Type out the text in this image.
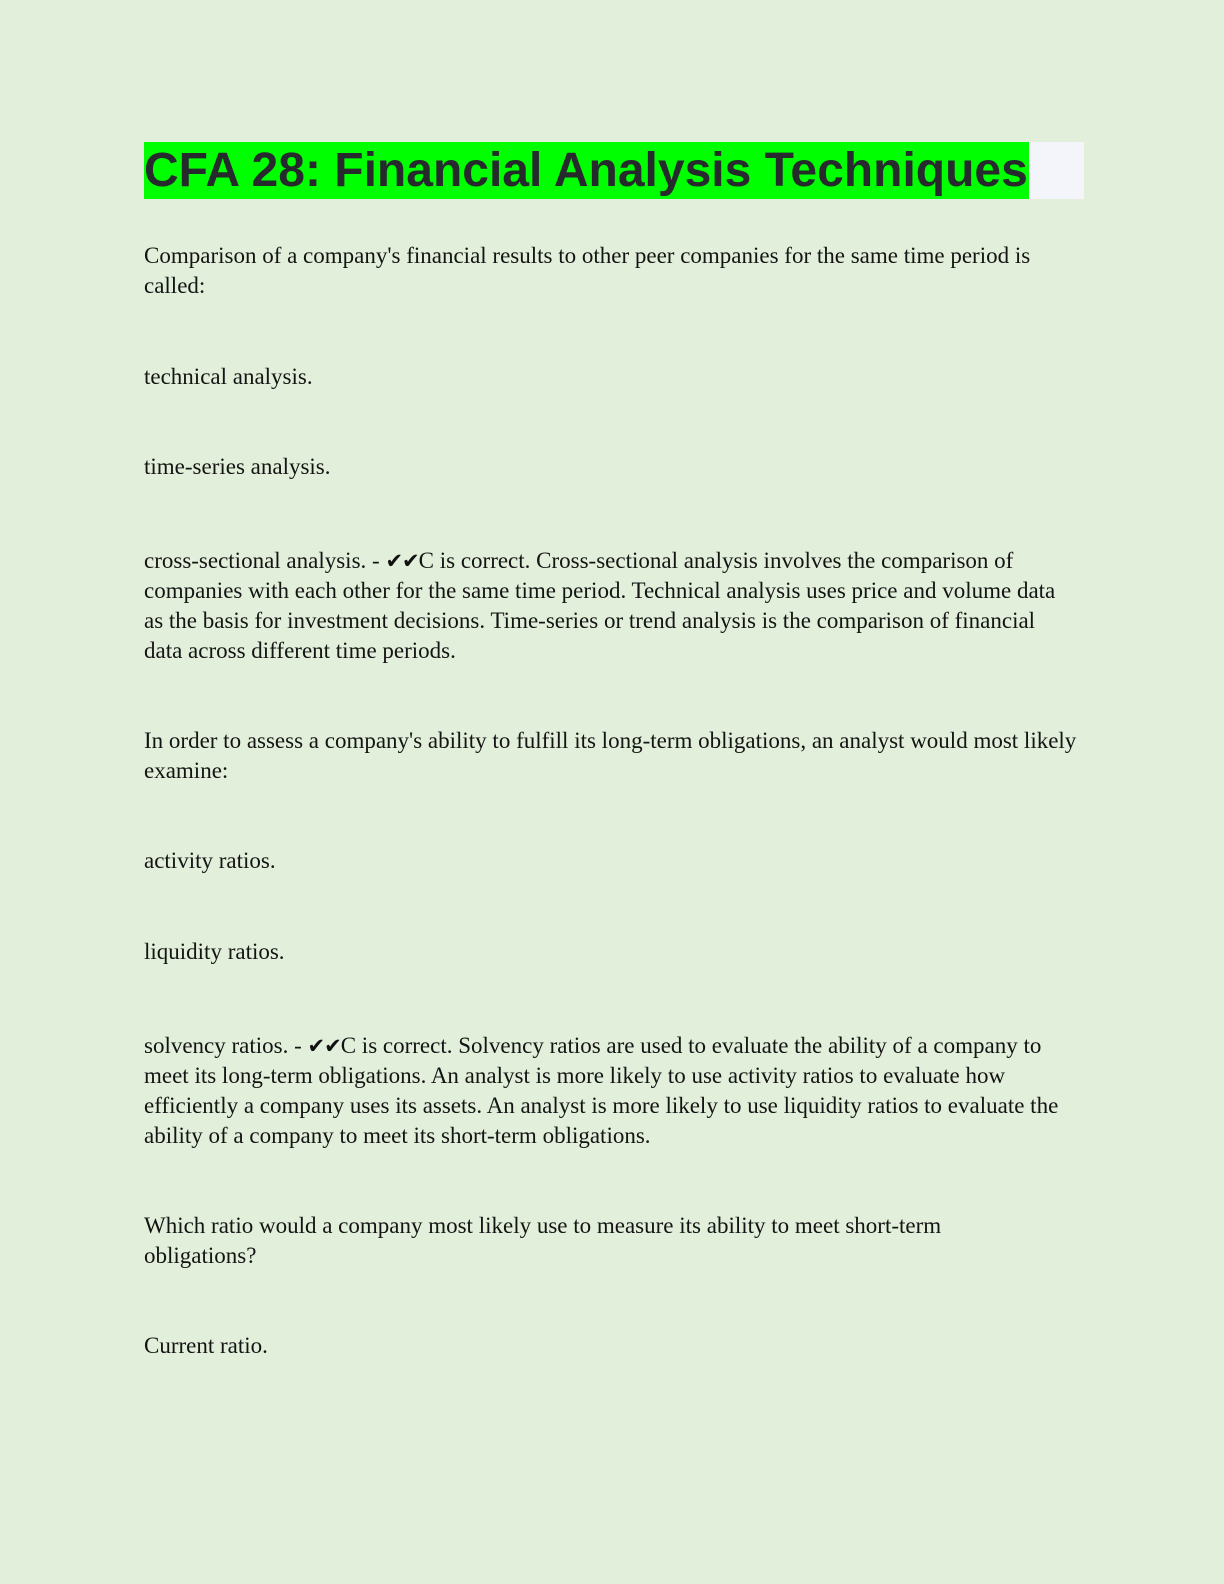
CFA 28: Financial Analysis Techniques

Comparison of a company's financial results to other peer companies for the same time period is called:

technical analysis.

time-series analysis.

cross-sectional analysis. - ✔✔C is correct. Cross-sectional analysis involves the comparison of companies with each other for the same time period. Technical analysis uses price and volume data as the basis for investment decisions. Time-series or trend analysis is the comparison of financial data across different time periods.

In order to assess a company's ability to fulfill its long-term obligations, an analyst would most likely examine:

activity ratios.

liquidity ratios.

solvency ratios. - ✔✔C is correct. Solvency ratios are used to evaluate the ability of a company to meet its long-term obligations. An analyst is more likely to use activity ratios to evaluate how efficiently a company uses its assets. An analyst is more likely to use liquidity ratios to evaluate the ability of a company to meet its short-term obligations.

Which ratio would a company most likely use to measure its ability to meet short-term obligations?

Current ratio.
